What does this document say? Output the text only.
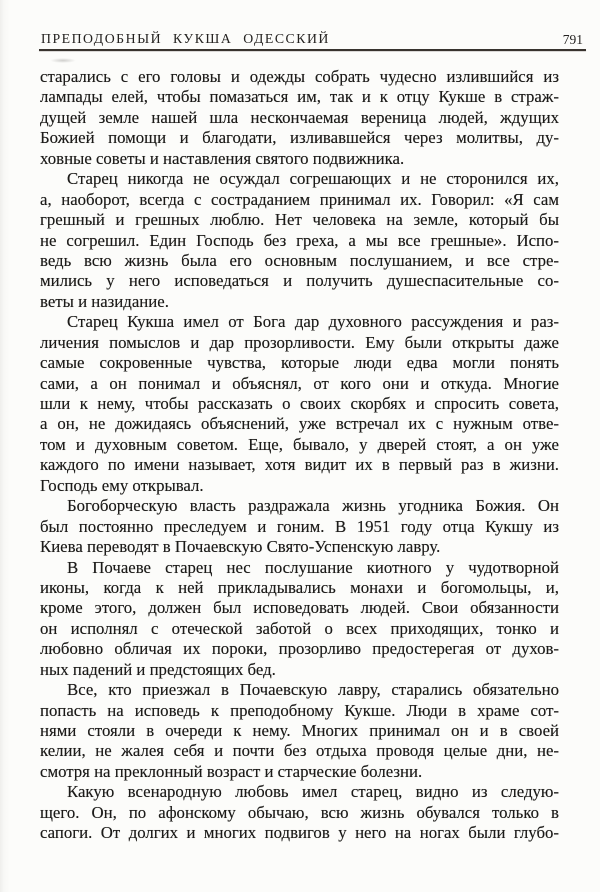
ПРЕПОДОБНЫЙ КУКША ОДЕССКИЙ	791
старались с его головы и одежды собрать чудесно излившийся из
лампады елей, чтобы помазаться им, так и к отцу Кукше в страж-
дущей земле нашей шла нескончаемая вереница людей, ждущих
Божией помощи и благодати, изливавшейся через молитвы, ду-
ховные советы и наставления святого подвижника.
Старец никогда не осуждал согрешающих и не сторонился их,
а, наоборот, всегда с состраданием принимал их. Говорил: «Я сам
грешный и грешных люблю. Нет человека на земле, который бы
не согрешил. Един Господь без греха, а мы все грешные». Испо-
ведь всю жизнь была его основным послушанием, и все стре-
мились у него исповедаться и получить душеспасительные со-
веты и назидание.
Старец Кукша имел от Бога дар духовного рассуждения и раз-
личения помыслов и дар прозорливости. Ему были открыты даже
самые сокровенные чувства, которые люди едва могли понять
сами, а он понимал и объяснял, от кого они и откуда. Многие
шли к нему, чтобы рассказать о своих скорбях и спросить совета,
а он, не дожидаясь объяснений, уже встречал их с нужным отве-
том и духовным советом. Еще, бывало, у дверей стоят, а он уже
каждого по имени называет, хотя видит их в первый раз в жизни.
Господь ему открывал.
Богоборческую власть раздражала жизнь угодника Божия. Он
был постоянно преследуем и гоним. В 1951 году отца Кукшу из
Киева переводят в Почаевскую Свято-Успенскую лавру.
В Почаеве старец нес послушание киотного у чудотворной
иконы, когда к ней прикладывались монахи и богомольцы, и,
кроме этого, должен был исповедовать людей. Свои обязанности
он исполнял с отеческой заботой о всех приходящих, тонко и
любовно обличая их пороки, прозорливо предостерегая от духов-
ных падений и предстоящих бед.
Все, кто приезжал в Почаевскую лавру, старались обязательно
попасть на исповедь к преподобному Кукше. Люди в храме сот-
нями стояли в очереди к нему. Многих принимал он и в своей
келии, не жалея себя и почти без отдыха проводя целые дни, не-
смотря на преклонный возраст и старческие болезни.
Какую всенародную любовь имел старец, видно из следую-
щего. Он, по афонскому обычаю, всю жизнь обувался только в
сапоги. От долгих и многих подвигов у него на ногах были глубо-
